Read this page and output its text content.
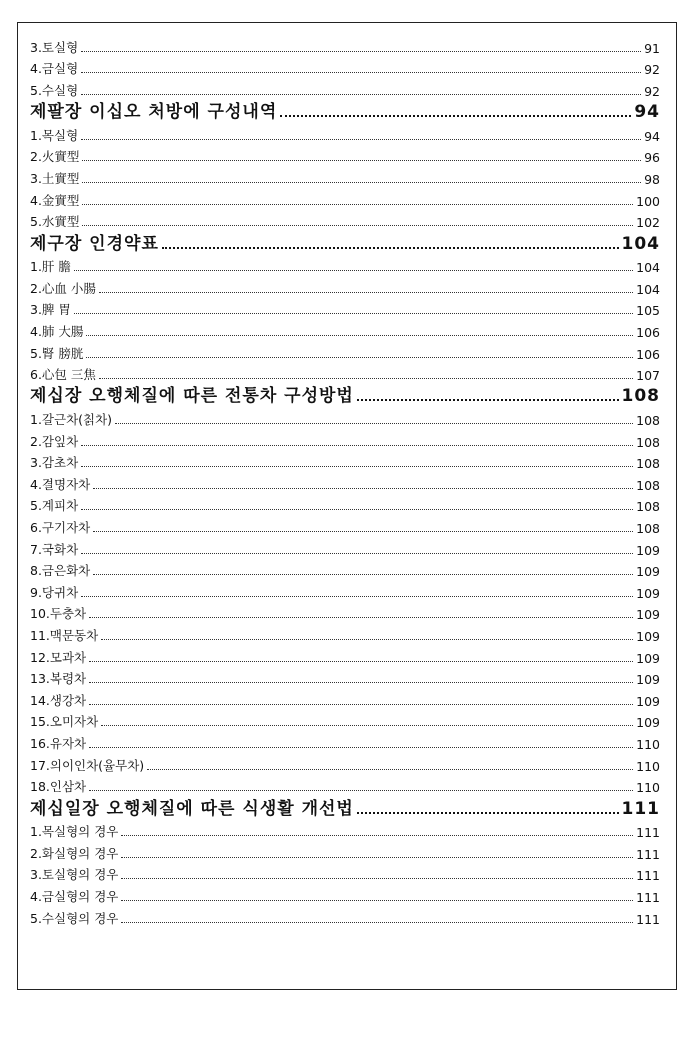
3.토실형	91
4.금실형	92
5.수실형	92
제팔장 이십오 처방에 구성내역	94
1.목실형	94
2.火實型	96
3.土實型	98
4.金實型	100
5.水實型	102
제구장 인경약표	104
1.肝 膽	104
2.心血 小腸	104
3.脾 胃	105
4.肺 大腸	106
5.腎 膀胱	106
6.心包 三焦	107
제십장 오행체질에 따른 전통차 구성방법	108
1.갈근차(칡차)	108
2.감잎차	108
3.감초차	108
4.결명자차	108
5.계피차	108
6.구기자차	108
7.국화차	109
8.금은화차	109
9.당귀차	109
10.두충차	109
11.맥문동차	109
12.모과차	109
13.복령차	109
14.생강차	109
15.오미자차	109
16.유자차	110
17.의이인차(율무차)	110
18.인삼차	110
제십일장 오행체질에 따른 식생활 개선법	111
1.목실형의 경우	111
2.화실형의 경우	111
3.토실형의 경우	111
4.금실형의 경우	111
5.수실형의 경우	111
